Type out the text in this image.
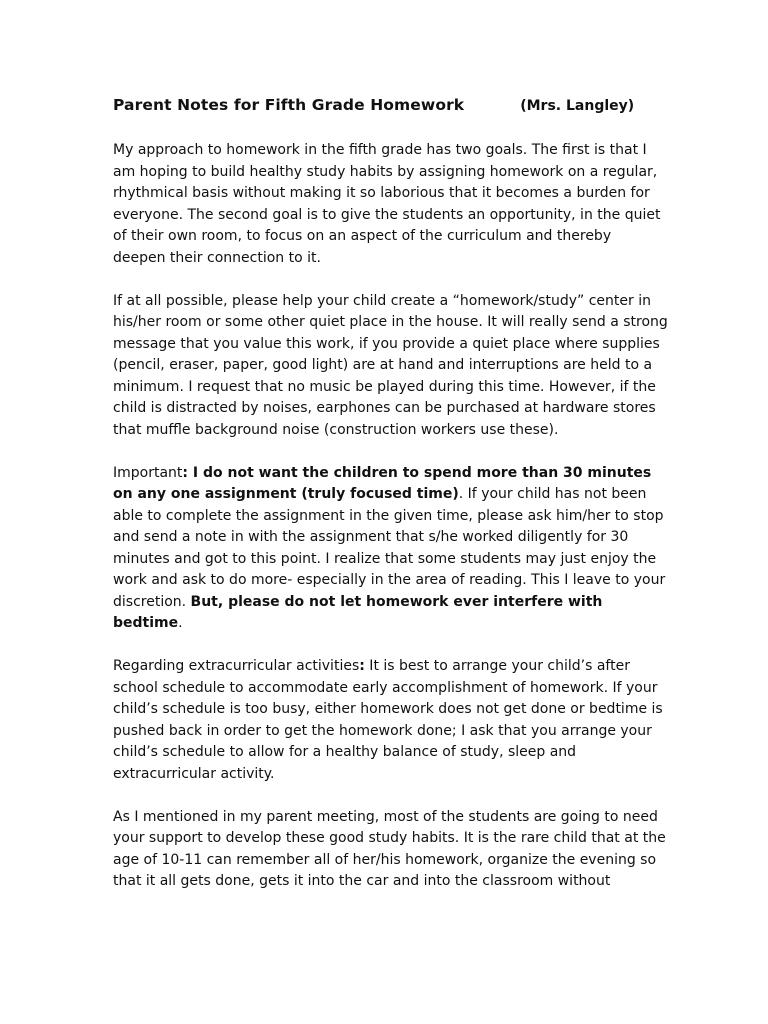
Parent Notes for Fifth Grade Homework	(Mrs. Langley)

My approach to homework in the fifth grade has two goals. The first is that I am hoping to build healthy study habits by assigning homework on a regular, rhythmical basis without making it so laborious that it becomes a burden for everyone. The second goal is to give the students an opportunity, in the quiet of their own room, to focus on an aspect of the curriculum and thereby deepen their connection to it.

If at all possible, please help your child create a “homework/study” center in his/her room or some other quiet place in the house. It will really send a strong message that you value this work, if you provide a quiet place where supplies (pencil, eraser, paper, good light) are at hand and interruptions are held to a minimum. I request that no music be played during this time. However, if the child is distracted by noises, earphones can be purchased at hardware stores that muffle background noise (construction workers use these).

Important: I do not want the children to spend more than 30 minutes on any one assignment (truly focused time). If your child has not been able to complete the assignment in the given time, please ask him/her to stop and send a note in with the assignment that s/he worked diligently for 30 minutes and got to this point. I realize that some students may just enjoy the work and ask to do more- especially in the area of reading. This I leave to your discretion. But, please do not let homework ever interfere with bedtime.

Regarding extracurricular activities: It is best to arrange your child’s after school schedule to accommodate early accomplishment of homework. If your child’s schedule is too busy, either homework does not get done or bedtime is pushed back in order to get the homework done; I ask that you arrange your child’s schedule to allow for a healthy balance of study, sleep and extracurricular activity.

As I mentioned in my parent meeting, most of the students are going to need your support to develop these good study habits. It is the rare child that at the age of 10-11 can remember all of her/his homework, organize the evening so that it all gets done, gets it into the car and into the classroom without
